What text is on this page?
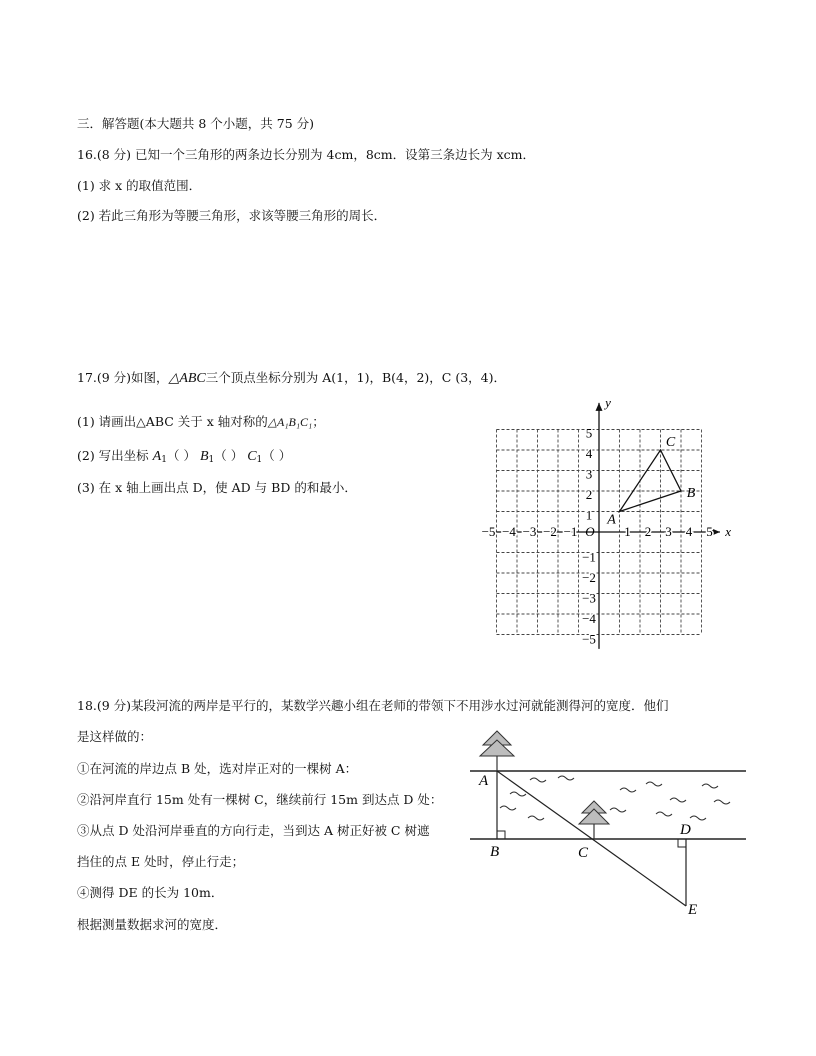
三．解答题(本大题共 8 个小题，共 75 分)
16.(8 分) 已知一个三角形的两条边长分别为 4cm，8cm．设第三条边长为 xcm．
(1) 求 x 的取值范围．
(2) 若此三角形为等腰三角形，求该等腰三角形的周长．
17.(9 分)如图，△ABC三个顶点坐标分别为 A(1，1)，B(4，2)，C (3，4)．
(1) 请画出△ABC 关于 x 轴对称的△A₁B₁C₁；
(2) 写出坐标 $A_1$（ ） $B_1$（ ） $C_1$（ ）
(3) 在 x 轴上画出点 D，使 AD 与 BD 的和最小．
x
y
O
−5 −4 −3 −2 −1	1 2 3 4 5
5
4
3
2
1
−1
−2
−3
−4
−5
A
B
C
18.(9 分)某段河流的两岸是平行的，某数学兴趣小组在老师的带领下不用涉水过河就能测得河的宽度．他们
是这样做的：
①在河流的岸边点 B 处，选对岸正对的一棵树 A：
②沿河岸直行 15m 处有一棵树 C，继续前行 15m 到达点 D 处：
③从点 D 处沿河岸垂直的方向行走，当到达 A 树正好被 C 树遮
挡住的点 E 处时，停止行走；
④测得 DE 的长为 10m．
根据测量数据求河的宽度．
A
B	C
D
E
